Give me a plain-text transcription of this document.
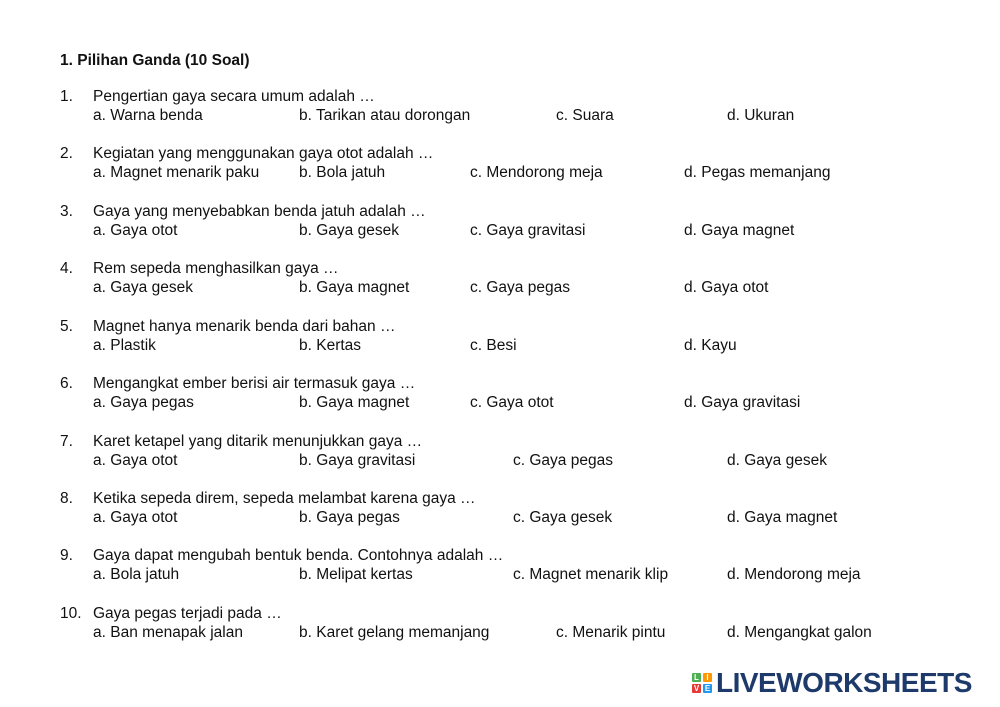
1. Pilihan Ganda (10 Soal)
1. Pengertian gaya secara umum adalah …
a. Warna benda	b. Tarikan atau dorongan	c. Suara	d. Ukuran
2. Kegiatan yang menggunakan gaya otot adalah …
a. Magnet menarik paku	b. Bola jatuh	c. Mendorong meja	d. Pegas memanjang
3. Gaya yang menyebabkan benda jatuh adalah …
a. Gaya otot	b. Gaya gesek	c. Gaya gravitasi	d. Gaya magnet
4. Rem sepeda menghasilkan gaya …
a. Gaya gesek	b. Gaya magnet	c. Gaya pegas	d. Gaya otot
5. Magnet hanya menarik benda dari bahan …
a. Plastik	b. Kertas	c. Besi	d. Kayu
6. Mengangkat ember berisi air termasuk gaya …
a. Gaya pegas	b. Gaya magnet	c. Gaya otot	d. Gaya gravitasi
7. Karet ketapel yang ditarik menunjukkan gaya …
a. Gaya otot	b. Gaya gravitasi	c. Gaya pegas	d. Gaya gesek
8. Ketika sepeda direm, sepeda melambat karena gaya …
a. Gaya otot	b. Gaya pegas	c. Gaya gesek	d. Gaya magnet
9. Gaya dapat mengubah bentuk benda. Contohnya adalah …
a. Bola jatuh	b. Melipat kertas	c. Magnet menarik klip	d. Mendorong meja
10. Gaya pegas terjadi pada …
a. Ban menapak jalan	b. Karet gelang memanjang	c. Menarik pintu	d. Mengangkat galon
L I
V E LIVEWORKSHEETS
